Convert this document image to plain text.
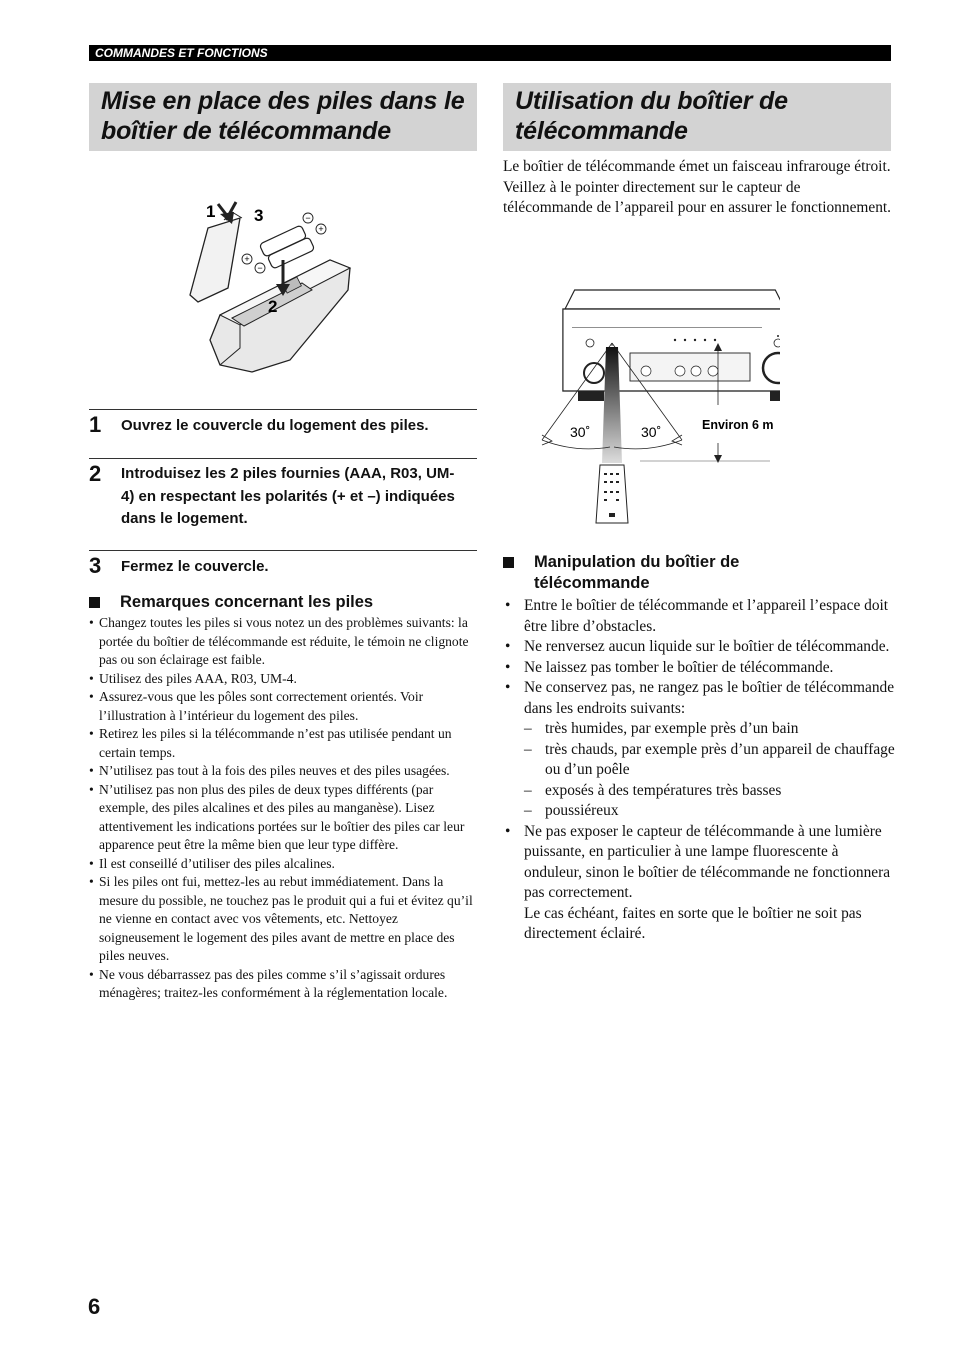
COMMANDES ET FONCTIONS
Mise en place des piles dans le
boîtier de télécommande
Utilisation du boîtier de
télécommande
−
+
+
−
1 3
2
1 Ouvrez le couvercle du logement des piles.
2 Introduisez les 2 piles fournies (AAA, R03, UM-4) en respectant les polarités (+ et –) indiquées dans le logement.
3 Fermez le couvercle.
Remarques concernant les piles
• Changez toutes les piles si vous notez un des problèmes suivants: la portée du boîtier de télécommande est réduite, le témoin ne clignote pas ou son éclairage est faible.
• Utilisez des piles AAA, R03, UM-4.
• Assurez-vous que les pôles sont correctement orientés. Voir l’illustration à l’intérieur du logement des piles.
• Retirez les piles si la télécommande n’est pas utilisée pendant un certain temps.
• N’utilisez pas tout à la fois des piles neuves et des piles usagées.
• N’utilisez pas non plus des piles de deux types différents (par exemple, des piles alcalines et des piles au manganèse). Lisez attentivement les indications portées sur le boîtier des piles car leur apparence peut être la même bien que leur type diffère.
• Il est conseillé d’utiliser des piles alcalines.
• Si les piles ont fui, mettez-les au rebut immédiatement. Dans la mesure du possible, ne touchez pas le produit qui a fui et évitez qu’il ne vienne en contact avec vos vêtements, etc. Nettoyez soigneusement le logement des piles avant de mettre en place des piles neuves.
• Ne vous débarrassez pas des piles comme s’il s’agissait ordures ménagères; traitez-les conformément à la réglementation locale.

Le boîtier de télécommande émet un faisceau infrarouge étroit.

Veillez à le pointer directement sur le capteur de télécommande de l’appareil pour en assurer le fonctionnement.

30˚	30˚	Environ 6 m
Manipulation du boîtier de télécommande
• Entre le boîtier de télécommande et l’appareil l’espace doit être libre d’obstacles.
• Ne renversez aucun liquide sur le boîtier de télécommande.
• Ne laissez pas tomber le boîtier de télécommande.
• Ne conservez pas, ne rangez pas le boîtier de télécommande dans les endroits suivants:
– très humides, par exemple près d’un bain
– très chauds, par exemple près d’un appareil de chauffage ou d’un poêle
– exposés à des températures très basses
– poussiéreux
• Ne pas exposer le capteur de télécommande à une lumière puissante, en particulier à une lampe fluorescente à onduleur, sinon le boîtier de télécommande ne fonctionnera pas correctement.
Le cas échéant, faites en sorte que le boîtier ne soit pas directement éclairé.
6
